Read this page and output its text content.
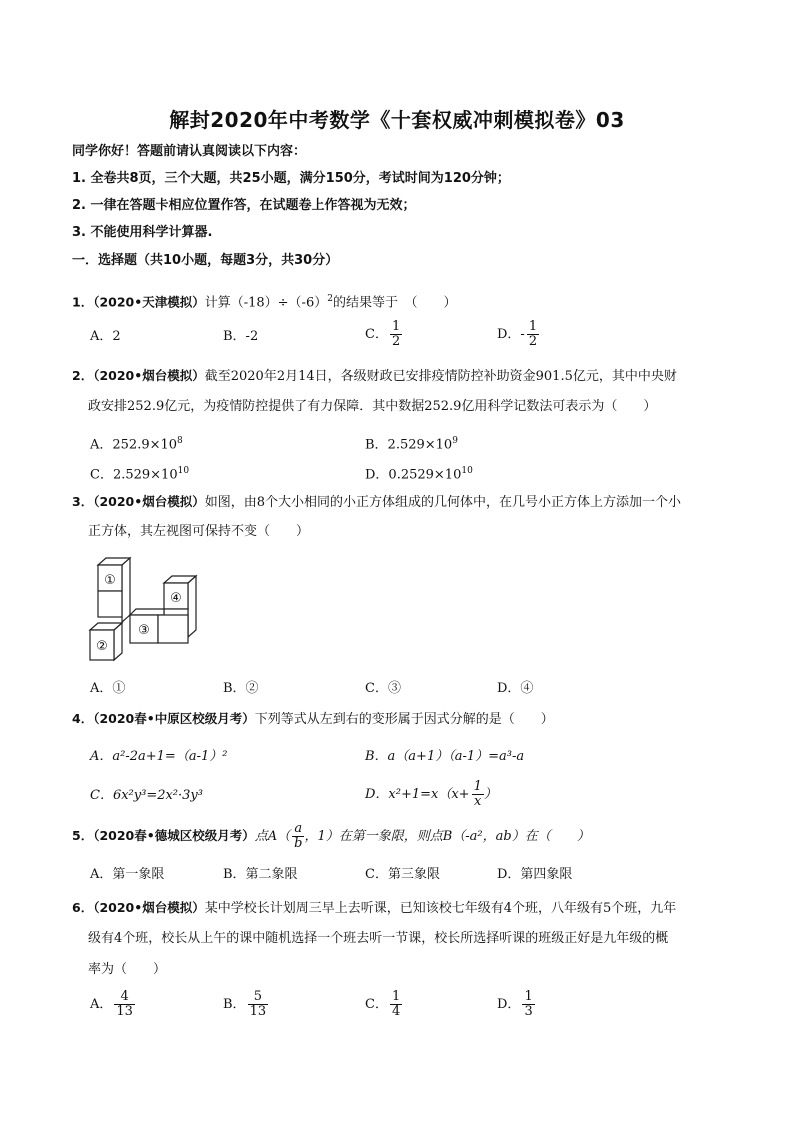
解封2020年中考数学《十套权威冲刺模拟卷》03
同学你好！答题前请认真阅读以下内容：
1. 全卷共8页，三个大题，共25小题，满分150分，考试时间为120分钟；
2. 一律在答题卡相应位置作答，在试题卷上作答视为无效；
3. 不能使用科学计算器.
一．选择题（共10小题，每题3分，共30分）
1．（2020•天津模拟）计算$(-18)\div(-6)^2$的结果等于　（　　）
A．2	B．-2	C． $\frac{1}{2}$	D．- $\frac{1}{2}$
2．（2020•烟台模拟）截至2020年2月14日，各级财政已安排疫情防控补助资金901.5亿元，其中中央财
政安排252.9亿元，为疫情防控提供了有力保障．其中数据252.9亿用科学记数法可表示为（　　）
A．$252.9\times 10^8$	B．$2.529\times 10^9$
C．$2.529\times 10^{10}$	D．$0.2529\times 10^{10}$
3．（2020•烟台模拟）如图，由8个大小相同的小正方体组成的几何体中，在几号小正方体上方添加一个小
正方体，其左视图可保持不变（　　）
①
②
③
④
A．①	B．②	C．③	D．④
4．（2020春•中原区校级月考）下列等式从左到右的变形属于因式分解的是（　　）
A．a²-2a+1=（a-1）²	B．a（a+1）（a-1）=a³-a
C．6x²y³=2x²·3y³	D．$x^2+1=x(x+ \frac{1}{x}$ ）
5．（2020春•德城区校级月考）点$A( \frac{a}{b}$ ，1）在第一象限，则点B（-a²，ab）在（　　）
A．第一象限	B．第二象限	C．第三象限	D．第四象限
6．（2020•烟台模拟）某中学校长计划周三早上去听课，已知该校七年级有4个班，八年级有5个班，九年
级有4个班，校长从上午的课中随机选择一个班去听一节课，校长所选择听课的班级正好是九年级的概
率为（　　）
A． $\frac{4}{13}$	B． $\frac{5}{13}$	C． $\frac{1}{4}$	D． $\frac{1}{3}$
